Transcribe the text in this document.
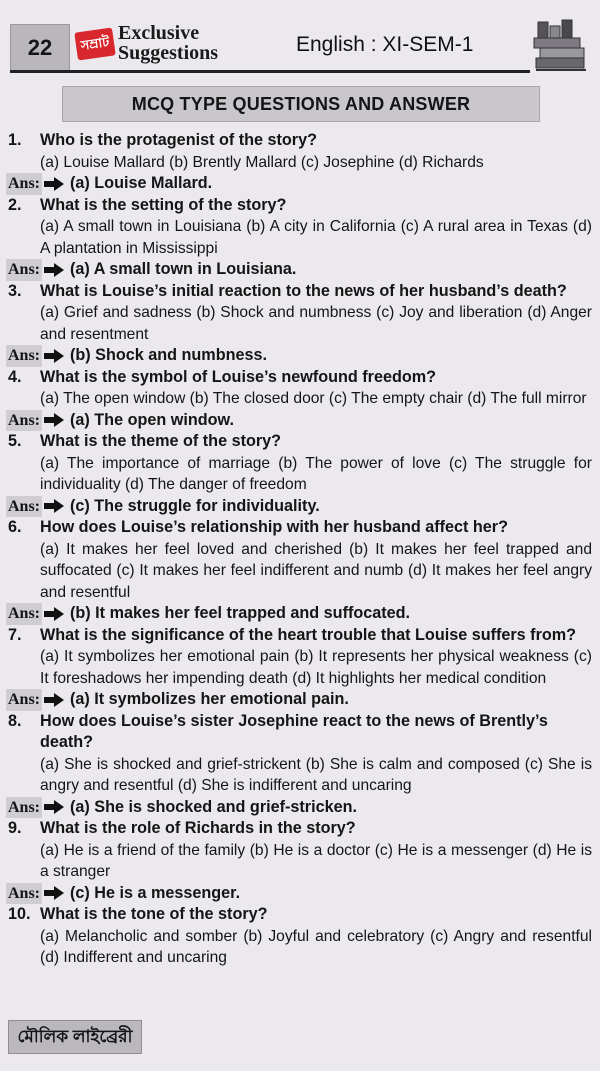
22	সম্রাট Exclusive
Suggestions	English : XI-SEM-1
MCQ TYPE QUESTIONS AND ANSWER
1.	Who is the protagenist of the story?
(a) Louise Mallard (b) Brently Mallard (c) Josephine (d) Richards
Ans: (a) Louise Mallard.
2.	What is the setting of the story?
(a) A small town in Louisiana (b) A city in California (c) A rural area in Texas (d) A plantation in Mississippi
Ans: (a) A small town in Louisiana.
3.	What is Louise’s initial reaction to the news of her husband’s death?
(a) Grief and sadness (b) Shock and numbness (c) Joy and liberation (d) Anger and resentment
Ans: (b) Shock and numbness.
4.	What is the symbol of Louise’s newfound freedom?
(a) The open window (b) The closed door (c) The empty chair (d) The full mirror
Ans: (a) The open window.
5.	What is the theme of the story?
(a) The importance of marriage (b) The power of love (c) The struggle for individuality (d) The danger of freedom
Ans: (c) The struggle for individuality.
6.	How does Louise’s relationship with her husband affect her?
(a) It makes her feel loved and cherished (b) It makes her feel trapped and suffocated (c) It makes her feel indifferent and numb (d) It makes her feel angry and resentful
Ans: (b) It makes her feel trapped and suffocated.
7.	What is the significance of the heart trouble that Louise suffers from?
(a) It symbolizes her emotional pain (b) It represents her physical weakness (c) It foreshadows her impending death (d) It highlights her medical condition
Ans: (a) It symbolizes her emotional pain.
8.	How does Louise’s sister Josephine react to the news of Brently’s death?
(a) She is shocked and grief-strickent (b) She is calm and composed (c) She is angry and resentful (d) She is indifferent and uncaring
Ans: (a) She is shocked and grief-stricken.
9.	What is the role of Richards in the story?
(a) He is a friend of the family (b) He is a doctor (c) He is a messenger (d) He is a stranger
Ans: (c) He is a messenger.
10. What is the tone of the story?
(a) Melancholic and somber (b) Joyful and celebratory (c) Angry and resentful (d) Indifferent and uncaring
মৌলিক লাইব্রেরী
